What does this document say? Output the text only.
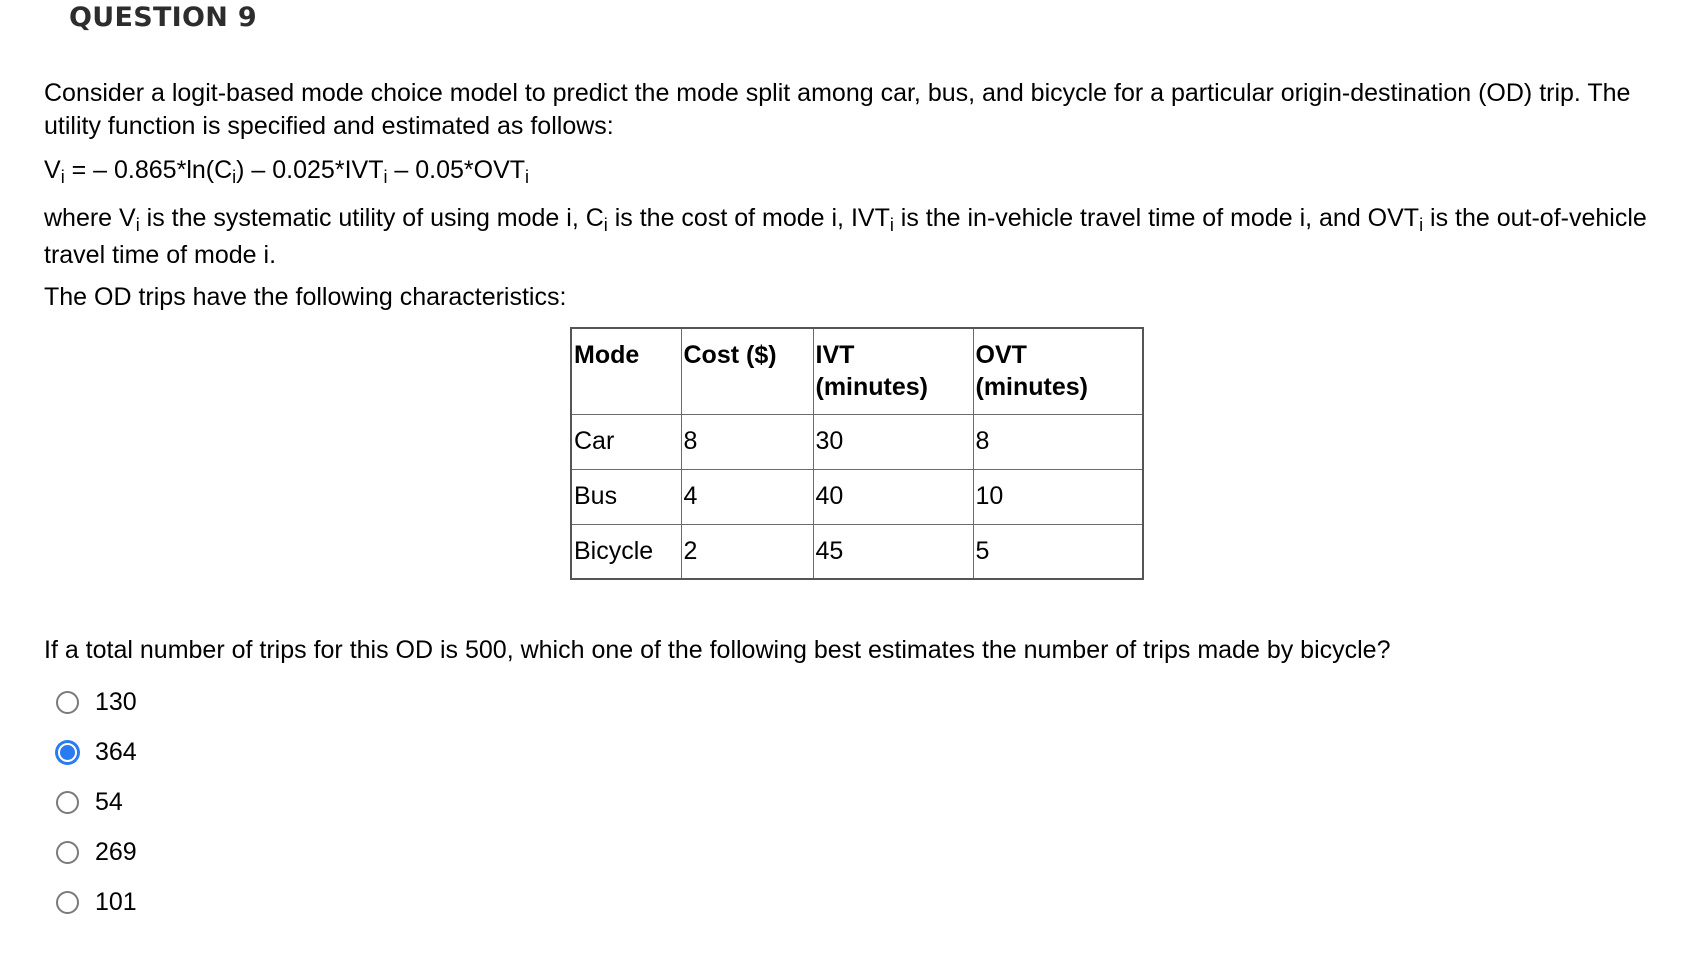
QUESTION 9
Consider a logit-based mode choice model to predict the mode split among car, bus, and bicycle for a particular origin-destination (OD) trip. The utility function is specified and estimated as follows:
$V_i$ = – $0.865*\ln(C_i) - 0.025*IVT_i - 0.05*OVT_i$
where $V_i$ is the systematic utility of using mode i, $C_i$ is the cost of mode i, $IVT_i$ is the in-vehicle travel time of mode i, and $OVT_i$ is the out-of-vehicle travel time of mode i.
The OD trips have the following characteristics:
Mode	Cost ($)	IVT (minutes)	OVT (minutes)
Car	8	30	8
Bus	4	40	10
Bicycle	2	45	5
If a total number of trips for this OD is 500, which one of the following best estimates the number of trips made by bicycle?
130
364
54
269
101
